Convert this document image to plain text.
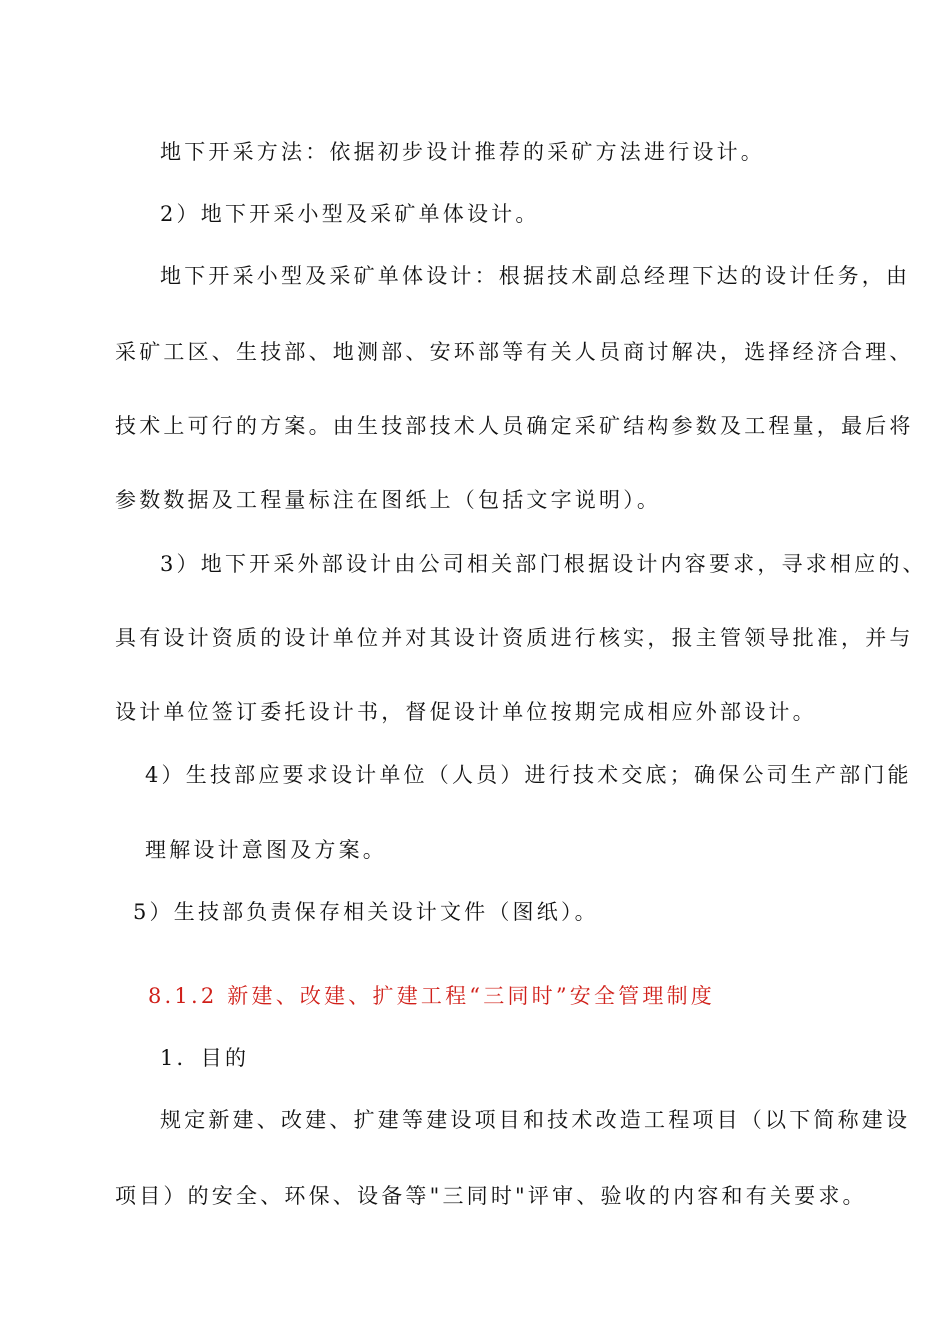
地下开采方法：依据初步设计推荐的采矿方法进行设计。
2）地下开采小型及采矿单体设计。
地下开采小型及采矿单体设计：根据技术副总经理下达的设计任务，由
采矿工区、生技部、地测部、安环部等有关人员商讨解决，选择经济合理、
技术上可行的方案。由生技部技术人员确定采矿结构参数及工程量，最后将
参数数据及工程量标注在图纸上（包括文字说明）。
3）地下开采外部设计由公司相关部门根据设计内容要求，寻求相应的、
具有设计资质的设计单位并对其设计资质进行核实，报主管领导批准，并与
设计单位签订委托设计书，督促设计单位按期完成相应外部设计。
4）生技部应要求设计单位（人员）进行技术交底；确保公司生产部门能
理解设计意图及方案。
5）生技部负责保存相关设计文件（图纸）。
8.1.2 新建、改建、扩建工程“三同时”安全管理制度
1．目的
规定新建、改建、扩建等建设项目和技术改造工程项目（以下简称建设
项目）的安全、环保、设备等"三同时"评审、验收的内容和有关要求。
